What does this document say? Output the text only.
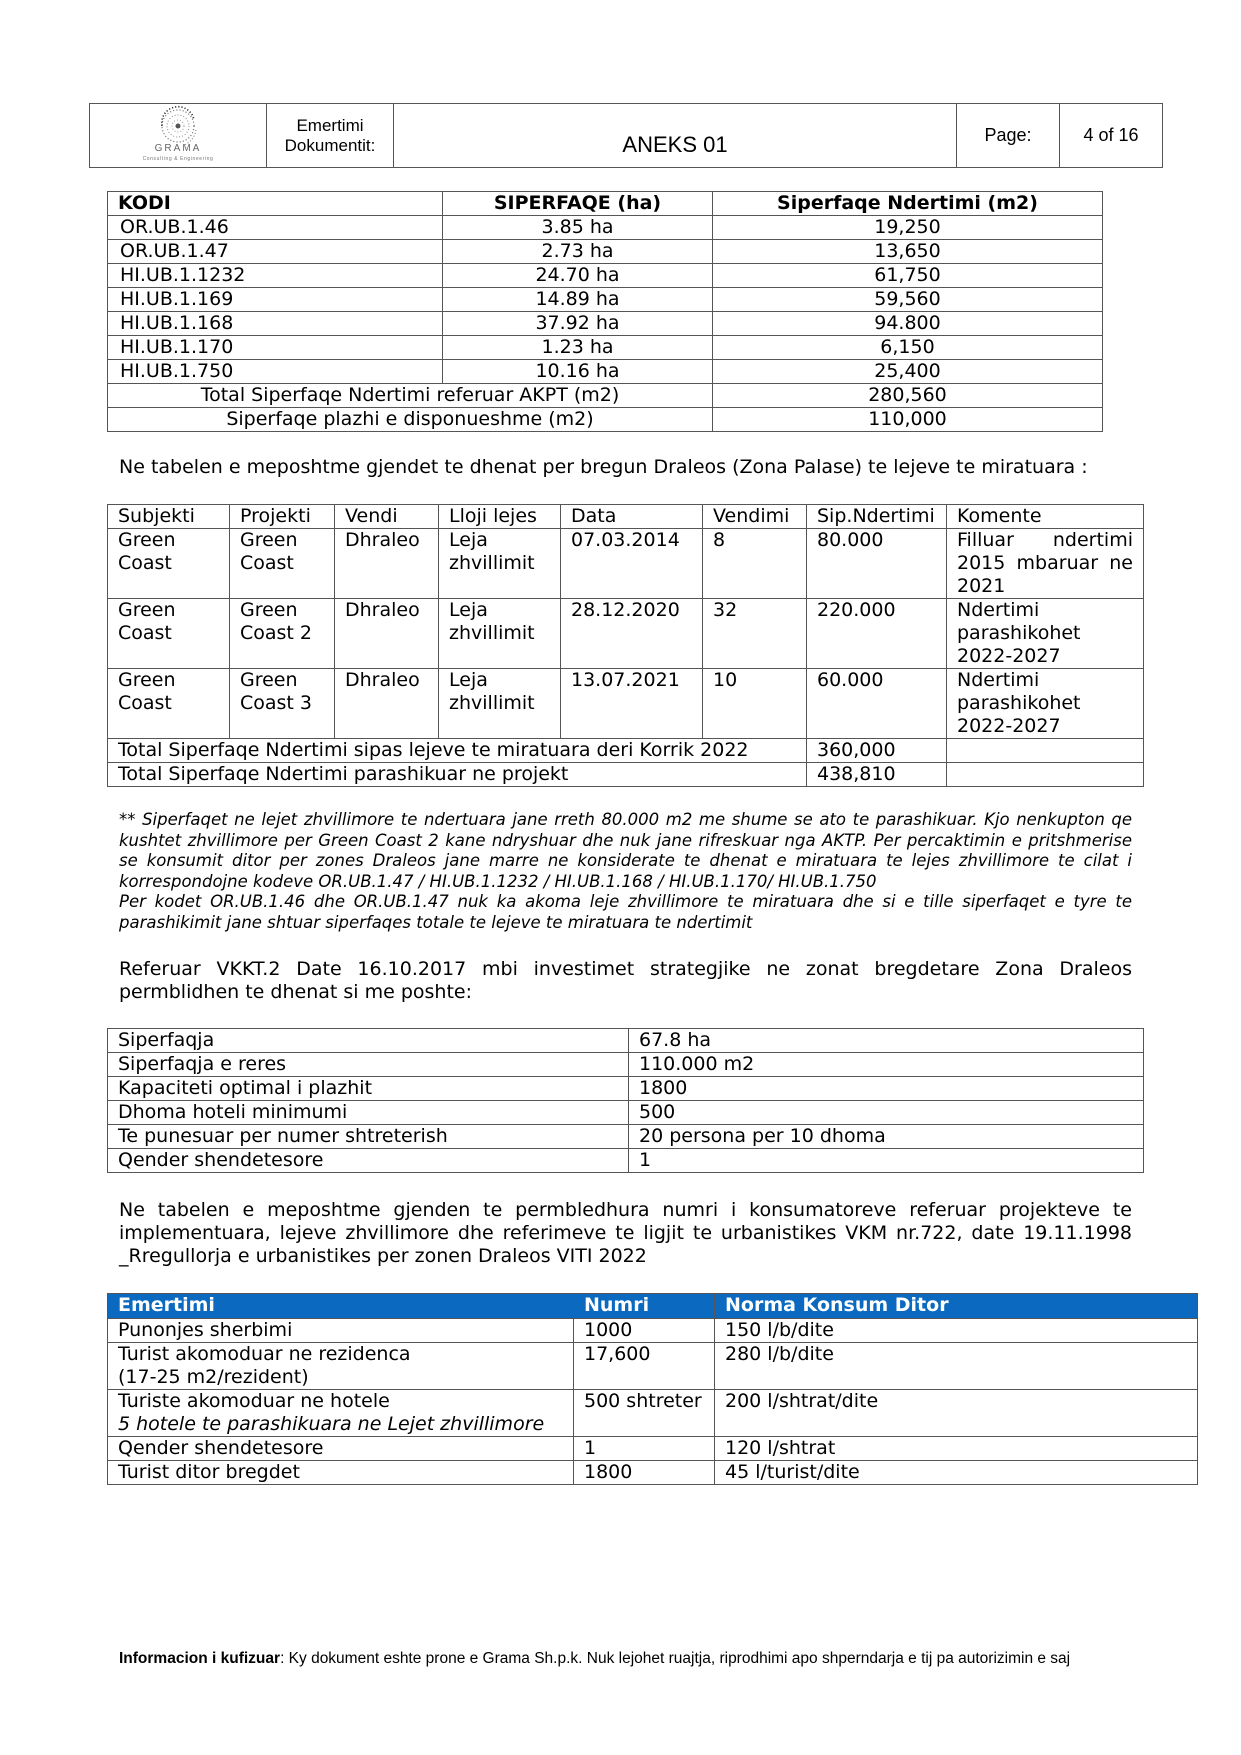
GRAMA
Consulting & Engineering

Emertimi
Dokumentit:	ANEKS 01	Page:	4 of 16
KODI	SIPERFAQE (ha)	Siperfaqe Ndertimi (m2)
OR.UB.1.46	3.85 ha	19,250
OR.UB.1.47	2.73 ha	13,650
HI.UB.1.1232	24.70 ha	61,750
HI.UB.1.169	14.89 ha	59,560
HI.UB.1.168	37.92 ha	94.800
HI.UB.1.170	1.23 ha	6,150
HI.UB.1.750	10.16 ha	25,400
Total Siperfaqe Ndertimi referuar AKPT (m2)		280,560
Siperfaqe plazhi e disponueshme (m2)		110,000
Ne tabelen e meposhtme gjendet te dhenat per bregun Draleos (Zona Palase) te lejeve te miratuara :
Subjekti	Projekti	Vendi	Lloji lejes	Data	Vendimi	Sip.Ndertimi	Komente
Green Coast	Green Coast	Dhraleo	Leja zhvillimit	07.03.2014	8	80.000	Filluar ndertimi 2015 mbaruar ne 2021
Green Coast	Green Coast 2	Dhraleo	Leja zhvillimit	28.12.2020	32	220.000	Ndertimi parashikohet 2022-2027
Green Coast	Green Coast 3	Dhraleo	Leja zhvillimit	13.07.2021	10	60.000	Ndertimi parashikohet 2022-2027
Total Siperfaqe Ndertimi sipas lejeve te miratuara deri Korrik 2022						360,000	
Total Siperfaqe Ndertimi parashikuar ne projekt						438,810	
** Siperfaqet ne lejet zhvillimore te ndertuara jane rreth 80.000 m2 me shume se ato te parashikuar. Kjo nenkupton qe kushtet zhvillimore per Green Coast 2 kane ndryshuar dhe nuk jane rifreskuar nga AKTP. Per percaktimin e pritshmerise se konsumit ditor per zones Draleos jane marre ne konsiderate te dhenat e miratuara te lejes zhvillimore te cilat i korrespondojne kodeve OR.UB.1.47 / HI.UB.1.1232 / HI.UB.1.168 / HI.UB.1.170/ HI.UB.1.750
Per kodet OR.UB.1.46 dhe OR.UB.1.47 nuk ka akoma leje zhvillimore te miratuara dhe si e tille siperfaqet e tyre te parashikimit jane shtuar siperfaqes totale te lejeve te miratuara te ndertimit
Referuar VKKT.2 Date 16.10.2017 mbi investimet strategjike ne zonat bregdetare Zona Draleos permblidhen te dhenat si me poshte:
Siperfaqja	67.8 ha
Siperfaqja e reres	110.000 m2
Kapaciteti optimal i plazhit	1800
Dhoma hoteli minimumi	500
Te punesuar per numer shtreterish	20 persona per 10 dhoma
Qender shendetesore	1
Ne tabelen e meposhtme gjenden te permbledhura numri i konsumatoreve referuar projekteve te implementuara, lejeve zhvillimore dhe referimeve te ligjit te urbanistikes VKM nr.722, date 19.11.1998 _Rregullorja e urbanistikes per zonen Draleos VITI 2022
Emertimi	Numri	Norma Konsum Ditor

Punonjes sherbimi	1000	150 l/b/dite

Turist akomoduar ne rezidenca
(17-25 m2/rezident)	17,600	280 l/b/dite

Turiste akomoduar ne hotele
5 hotele te parashikuara ne Lejet zhvillimore	500 shtreter	200 l/shtrat/dite

Qender shendetesore	1	120 l/shtrat

Turist ditor bregdet	1800	45 l/turist/dite
Informacion i kufizuar: Ky dokument eshte prone e Grama Sh.p.k. Nuk lejohet ruajtja, riprodhimi apo shperndarja e tij pa autorizimin e saj
